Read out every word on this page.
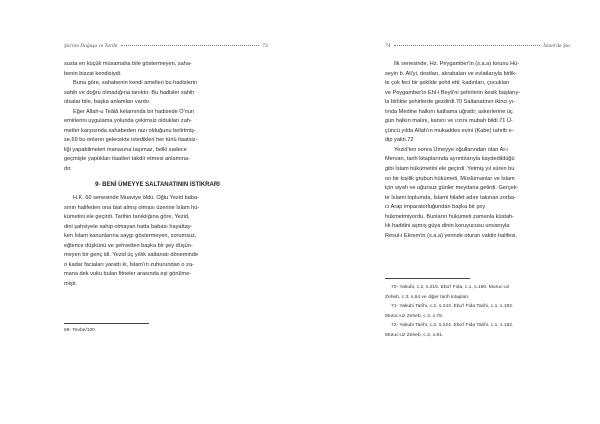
Şia'nın Doğuşu ve Tarihi	73

susta en küçük müsamaha bile göstermeyen, saha-
benin bizzat kendisiydi.

Buna göre, sahabenin kendi amelleri bu hadislerin
sahih ve doğru olmadığına tanıktır. Bu hadisler sahih
olsalar bile, başka anlamları vardır.

Eğer Allah-u Teâlâ kelamında bir hadisede O'nun
emirlerini uygulama yolunda çekimsiz oldukları zah-
metler karşısında sahabeden razı olduğunu belirtmiş-
se,69 bu onların gelecekte istedikleri her türlü itaatsiz-
liği yapabilmeleri manasına taşımaz, belki sadece
geçmişte yaptıkları itaatleri takdir etmesi anlamına-
dır.

9- BENİ ÜMEYYE SALTANATININ İSTİKRARI

H.K. 60 senesinde Muaviye öldü. Oğlu Yezid baba-
sının halifeden ona biat almış olması üzerine İslam hü-
kümetini ele geçirdi. Tarihin tanıklığına göre, Yezid,
dini şahsiyete sahip olmayan hatta babası hayattay-
ken İslam kanunlarına saygı göstermeyen, sorumsuz,
eğlence düşkünü ve şehvetten başka bir şey düşün-
meyen bir genç idi. Yezid üç yıllık saltanatı döneminde
o kadar faciaları yarattı ki, İslam'ın zuhurundan o za-
mana dek vuku bulan fitneler arasında eşi görülme-
mişti.

69- Tevbe/100
74	İslam'da Şia

İlk senesinde, Hz. Peygamber'in (s.a.a) torunu Hü-
seyin b. Ali'yi, dostları, akrabaları ve evlatlarıyla birlik-
te çok feci bir şekilde şehit etti; kadınları, çocukları
ve Peygamber'in Ehl-i Beyti'ni şehirlerin kesik başlarıy-
la birlikte şehirlerde gezdirdi.70 Saltanatının ikinci yı-
lında Medine halkını katliama uğrattı; askerlerine üç
gün halkın malını, kanını ve ırzını mubah bildi.71 Ü-
çüncü yılda Allah'ın mukaddes evini (Kabe) tahrib e-
dip yaktı.72

Yezid'ten sonra Ümeyye oğullarından olan Al-i
Mervan, tarih kitaplarında ayrıntılarıyla kaydedildüğü
gibi İslam hükümetini ele geçirdi. Yetmiş yıl süren bu
on bir kişilik grubun hükümeti, Müslümanlar ve İslam
için siyah ve uğursuz günler meydana getirdi. Gerçek-
te İslami toplumda, İslami hilafet adını takınan zorba-
cı Arap imparatorluğundan başka bir şey
hükmetmiyordu. Bunların hükümeti zamanla küstah-
lık haddini aşmış güya dinin koruyucusu unvanıyla
Resul-i Ekrem'in (s.a.a) yerinde oturan vaktin halifesi,

70- Yakubi, c.2, s.216. Ebu'l Fida, c.1, s.190. Muruc-uz
Zeheb, c.3, s.64 ve diğer tarih kitapları.
71- Yakubi Tarihi, c.2, s.243. Ebu'l Fida Tarihi, c.1, s.192.
Muruc-uz Zeheb, c.3, s.78.
72- Yakubi Tarihi, c.2, s.224. Ebu'l Fida Tarihi, c.1, s.192.
Muruc-uz Zeheb, c.3, s.81.
